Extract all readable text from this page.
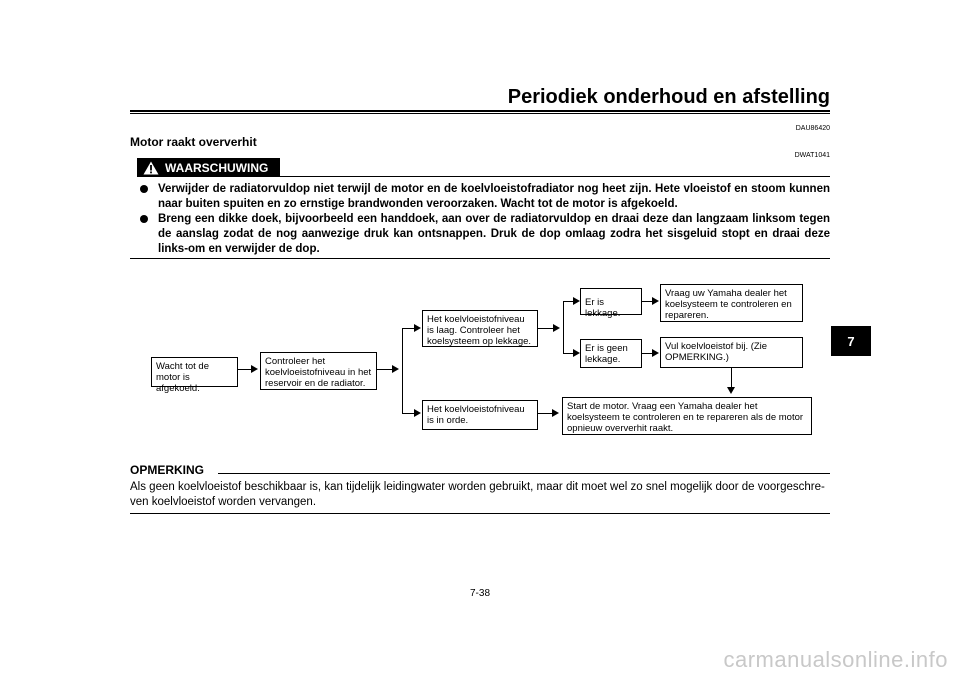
Periodiek onderhoud en afstelling
DAU86420
Motor raakt oververhit
WAARSCHUWING
DWAT1041
Verwijder de radiatorvuldop niet terwijl de motor en de koelvloeistofradiator nog heet zijn. Hete vloeistof en stoom kunnen naar buiten spuiten en zo ernstige brandwonden veroorzaken. Wacht tot de motor is afgekoeld.
Breng een dikke doek, bijvoorbeeld een handdoek, aan over de radiatorvuldop en draai deze dan langzaam linksom tegen de aanslag zodat de nog aanwezige druk kan ontsnappen. Druk de dop omlaag zodra het sisgeluid stopt en draai deze links-om en verwijder de dop.
Wacht tot de motor is afgekoeld.
Controleer het koelvloeistofniveau in het reservoir en de radiator.
Het koelvloeistofniveau is laag. Controleer het koelsysteem op lekkage.
Het koelvloeistofniveau is in orde.
Er is lekkage.
Er is geen lekkage.
Vraag uw Yamaha dealer het koelsysteem te controleren en repareren.
Vul koelvloeistof bij. (Zie OPMERKING.)
Start de motor. Vraag een Yamaha dealer het koelsysteem te controleren en te repareren als de motor opnieuw oververhit raakt.
OPMERKING
Als geen koelvloeistof beschikbaar is, kan tijdelijk leidingwater worden gebruikt, maar dit moet wel zo snel mogelijk door de voorgeschre-ven koelvloeistof worden vervangen.
7-38
7
carmanualsonline.info
